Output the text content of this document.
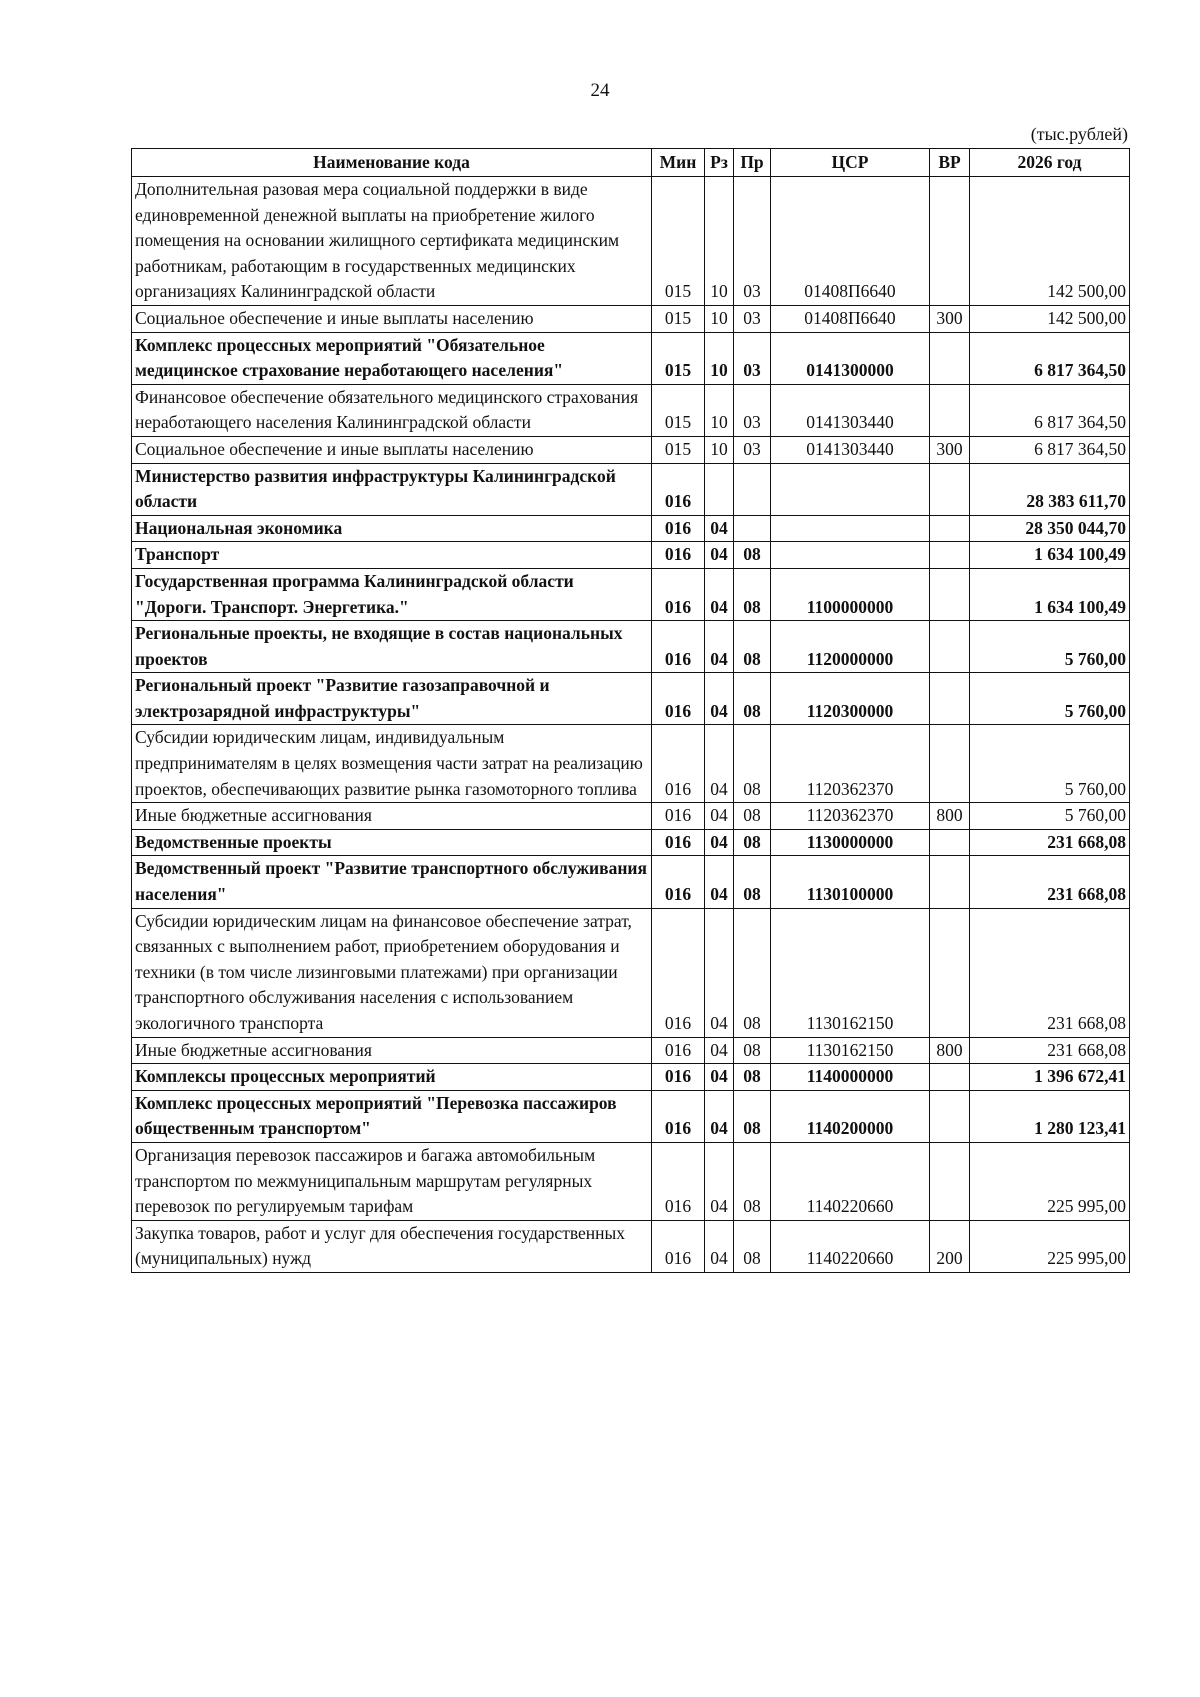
24
(тыс.рублей)
Наименование кода	Мин	Рз	Пр	ЦСР	ВР	2026 год
Дополнительная разовая мера социальной поддержки в виде единовременной денежной выплаты на приобретение жилого помещения на основании жилищного сертификата медицинским работникам, работающим в государственных медицинских организациях Калининградской области	015	10	03	01408П6640		142 500,00
Социальное обеспечение и иные выплаты населению	015	10	03	01408П6640	300	142 500,00
Комплекс процессных мероприятий "Обязательное медицинское страхование неработающего населения"	015	10	03	0141300000		6 817 364,50
Финансовое обеспечение обязательного медицинского страхования неработающего населения Калининградской области	015	10	03	0141303440		6 817 364,50
Социальное обеспечение и иные выплаты населению	015	10	03	0141303440	300	6 817 364,50
Министерство развития инфраструктуры Калининградской области	016					28 383 611,70
Национальная экономика	016	04				28 350 044,70
Транспорт	016	04	08			1 634 100,49
Государственная программа Калининградской области "Дороги. Транспорт. Энергетика."	016	04	08	1100000000		1 634 100,49
Региональные проекты, не входящие в состав национальных проектов	016	04	08	1120000000		5 760,00
Региональный проект "Развитие газозаправочной и электрозарядной инфраструктуры"	016	04	08	1120300000		5 760,00
Субсидии юридическим лицам, индивидуальным предпринимателям в целях возмещения части затрат на реализацию проектов, обеспечивающих развитие рынка газомоторного топлива	016	04	08	1120362370		5 760,00
Иные бюджетные ассигнования	016	04	08	1120362370	800	5 760,00
Ведомственные проекты	016	04	08	1130000000		231 668,08
Ведомственный проект "Развитие транспортного обслуживания населения"	016	04	08	1130100000		231 668,08
Субсидии юридическим лицам на финансовое обеспечение затрат, связанных с выполнением работ, приобретением оборудования и техники (в том числе лизинговыми платежами) при организации транспортного обслуживания населения с использованием экологичного транспорта	016	04	08	1130162150		231 668,08
Иные бюджетные ассигнования	016	04	08	1130162150	800	231 668,08
Комплексы процессных мероприятий	016	04	08	1140000000		1 396 672,41
Комплекс процессных мероприятий "Перевозка пассажиров общественным транспортом"	016	04	08	1140200000		1 280 123,41
Организация перевозок пассажиров и багажа автомобильным транспортом по межмуниципальным маршрутам регулярных перевозок по регулируемым тарифам	016	04	08	1140220660		225 995,00
Закупка товаров, работ и услуг для обеспечения государственных (муниципальных) нужд	016	04	08	1140220660	200	225 995,00
